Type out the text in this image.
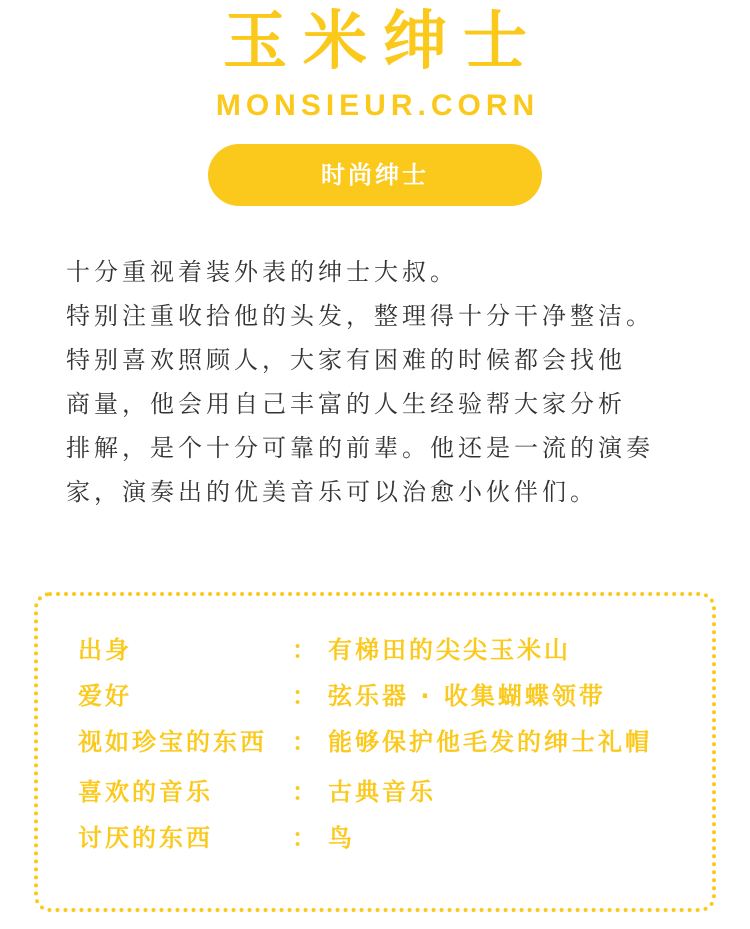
玉米绅士
MONSIEUR.CORN
时尚绅士

十分重视着装外表的绅士大叔。

特别注重收拾他的头发，整理得十分干净整洁。

特别喜欢照顾人，大家有困难的时候都会找他

商量，他会用自己丰富的人生经验帮大家分析

排解，是个十分可靠的前辈。他还是一流的演奏

家，演奏出的优美音乐可以治愈小伙伴们。

出身	： 有梯田的尖尖玉米山
爱好	： 弦乐器 · 收集蝴蝶领带
视如珍宝的东西 ： 能够保护他毛发的绅士礼帽
喜欢的音乐	： 古典音乐
讨厌的东西	： 鸟
